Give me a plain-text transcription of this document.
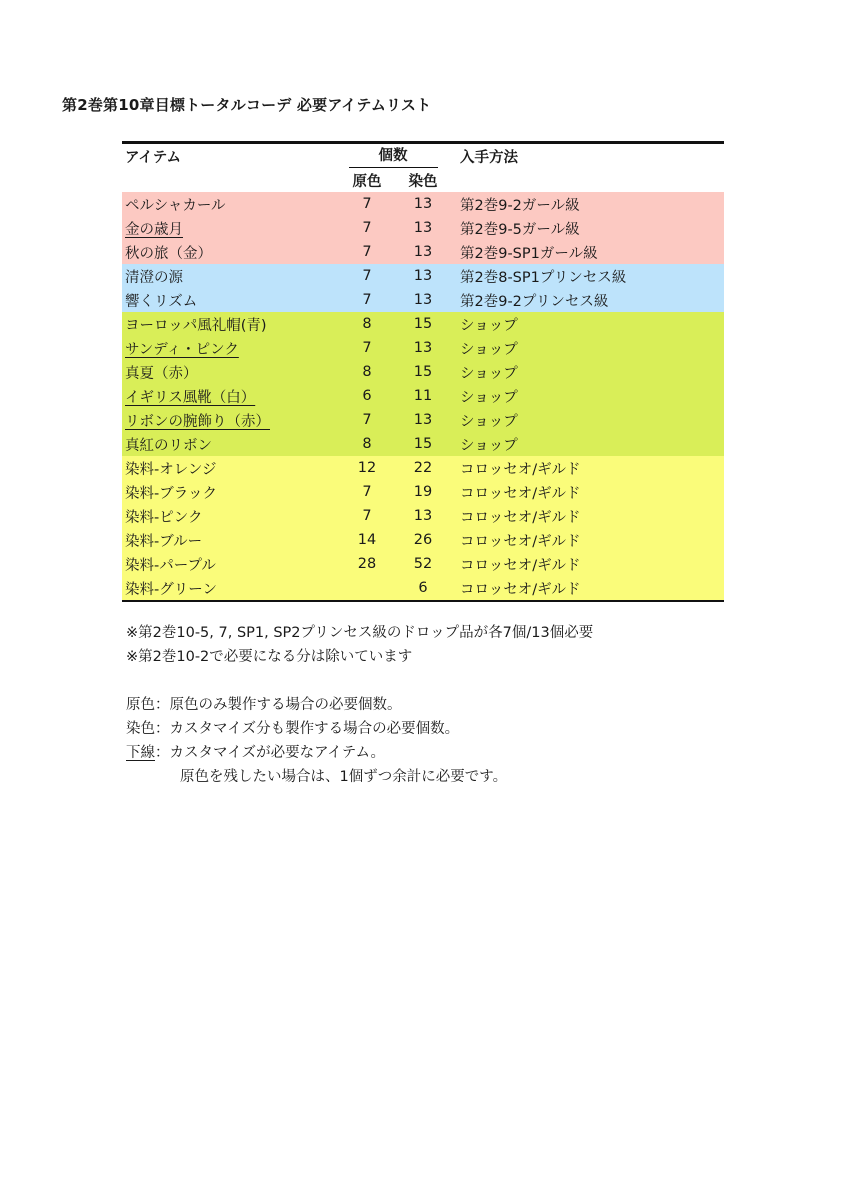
第2巻第10章目標トータルコーデ 必要アイテムリスト
アイテム	個数		入手方法
	原色	染色	
ペルシャカール	7	13	第2巻9-2ガール級
金の歳月	7	13	第2巻9-5ガール級
秋の旅（金）	7	13	第2巻9-SP1ガール級
清澄の源	7	13	第2巻8-SP1プリンセス級
響くリズム	7	13	第2巻9-2プリンセス級
ヨーロッパ風礼帽(青)	8	15	ショップ
サンディ・ピンク	7	13	ショップ
真夏（赤）	8	15	ショップ
イギリス風靴（白）	6	11	ショップ
リボンの腕飾り（赤）	7	13	ショップ
真紅のリボン	8	15	ショップ
染料-オレンジ	12	22	コロッセオ/ギルド
染料-ブラック	7	19	コロッセオ/ギルド
染料-ピンク	7	13	コロッセオ/ギルド
染料-ブルー	14	26	コロッセオ/ギルド
染料-パープル	28	52	コロッセオ/ギルド
染料-グリーン		6	コロッセオ/ギルド

※第2巻10-5, 7, SP1, SP2プリンセス級のドロップ品が各7個/13個必要

※第2巻10-2で必要になる分は除いています

原色：原色のみ製作する場合の必要個数。

染色：カスタマイズ分も製作する場合の必要個数。

下線：カスタマイズが必要なアイテム。

原色を残したい場合は、1個ずつ余計に必要です。
